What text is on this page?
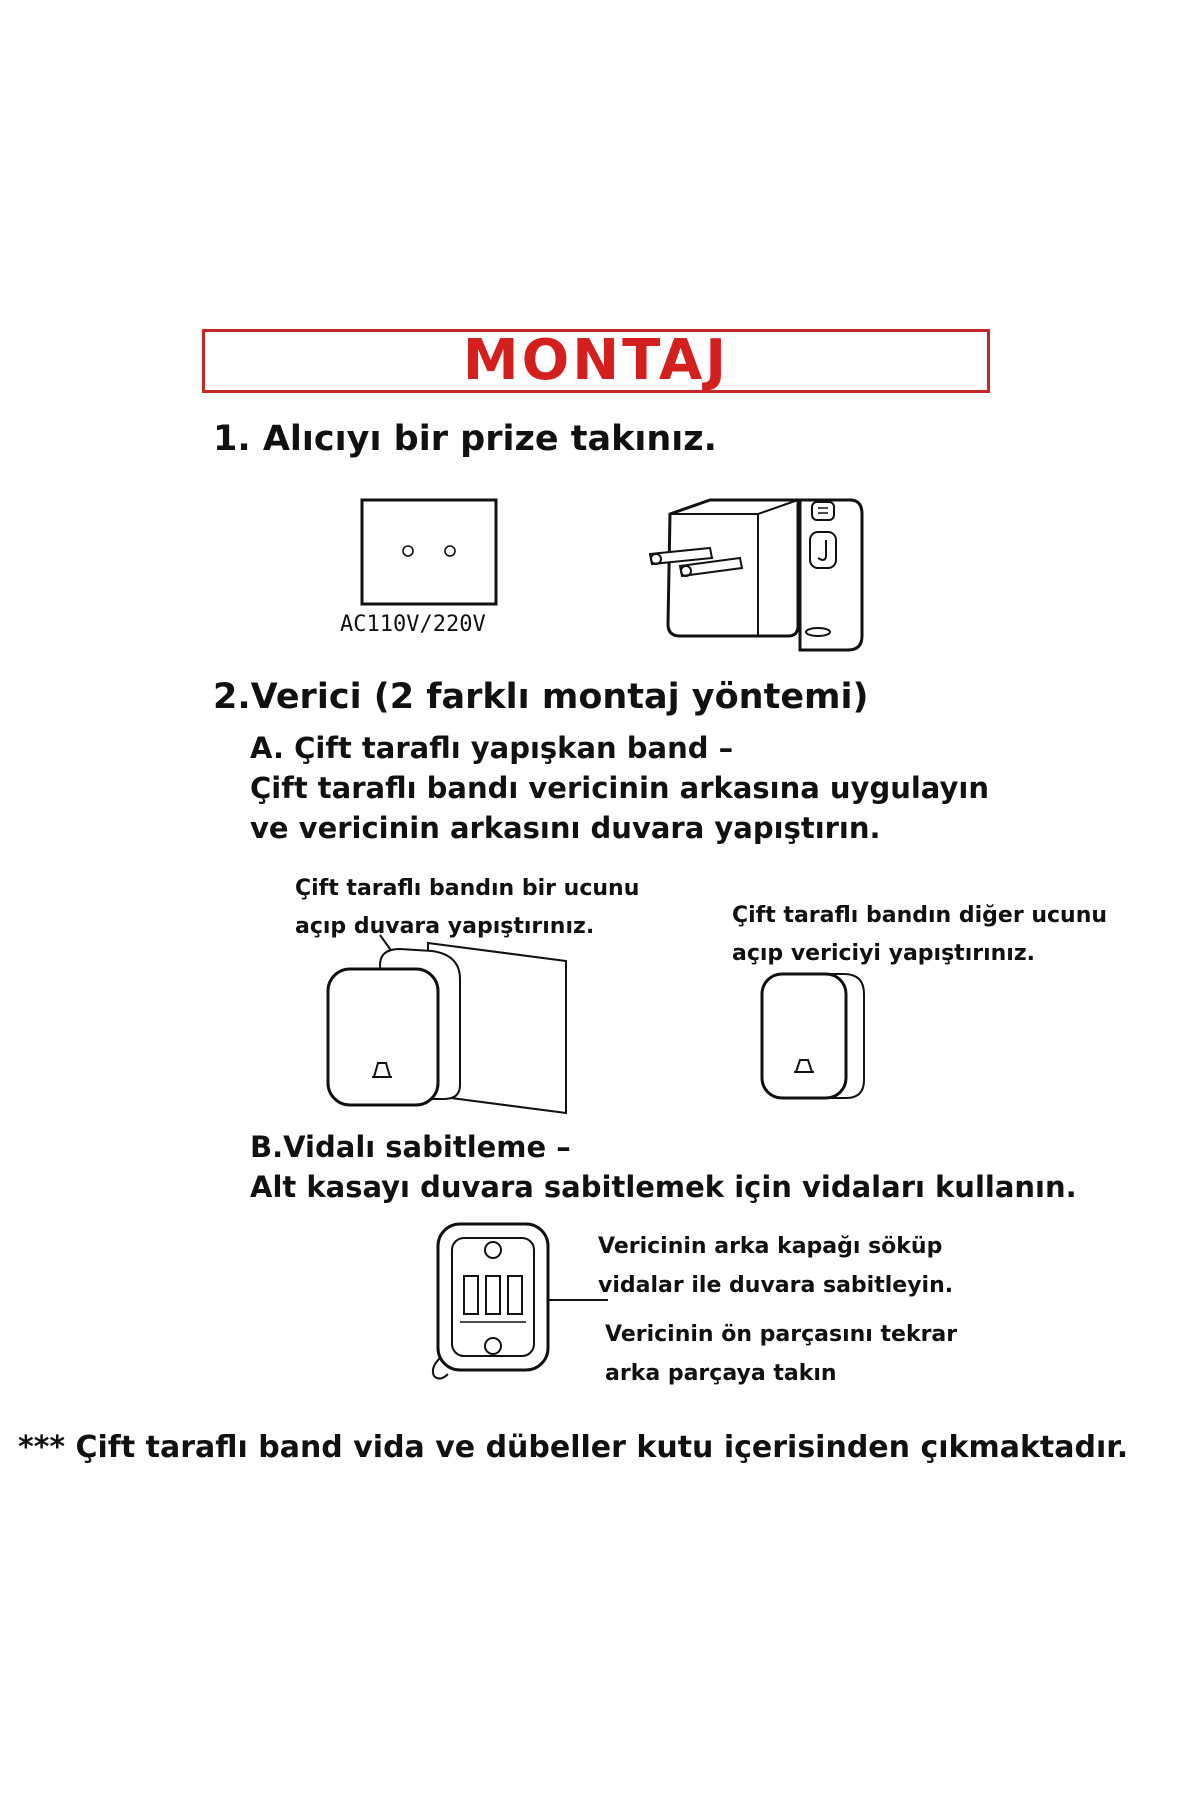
MONTAJ
1. Alıcıyı bir prize takınız.
AC110V/220V
2.Verici (2 farklı montaj yöntemi)
A. Çift taraflı yapışkan band –
Çift taraflı bandı vericinin arkasına uygulayın
ve vericinin arkasını duvara yapıştırın.
Çift taraflı bandın bir ucunu
açıp duvara yapıştırınız.	Çift taraflı bandın diğer ucunu
açıp vericiyi yapıştırınız.
B.Vidalı sabitleme –
Alt kasayı duvara sabitlemek için vidaları kullanın.
Vericinin arka kapağı söküp
vidalar ile duvara sabitleyin.
Vericinin ön parçasını tekrar
arka parçaya takın
*** Çift taraflı band vida ve dübeller kutu içerisinden çıkmaktadır.
